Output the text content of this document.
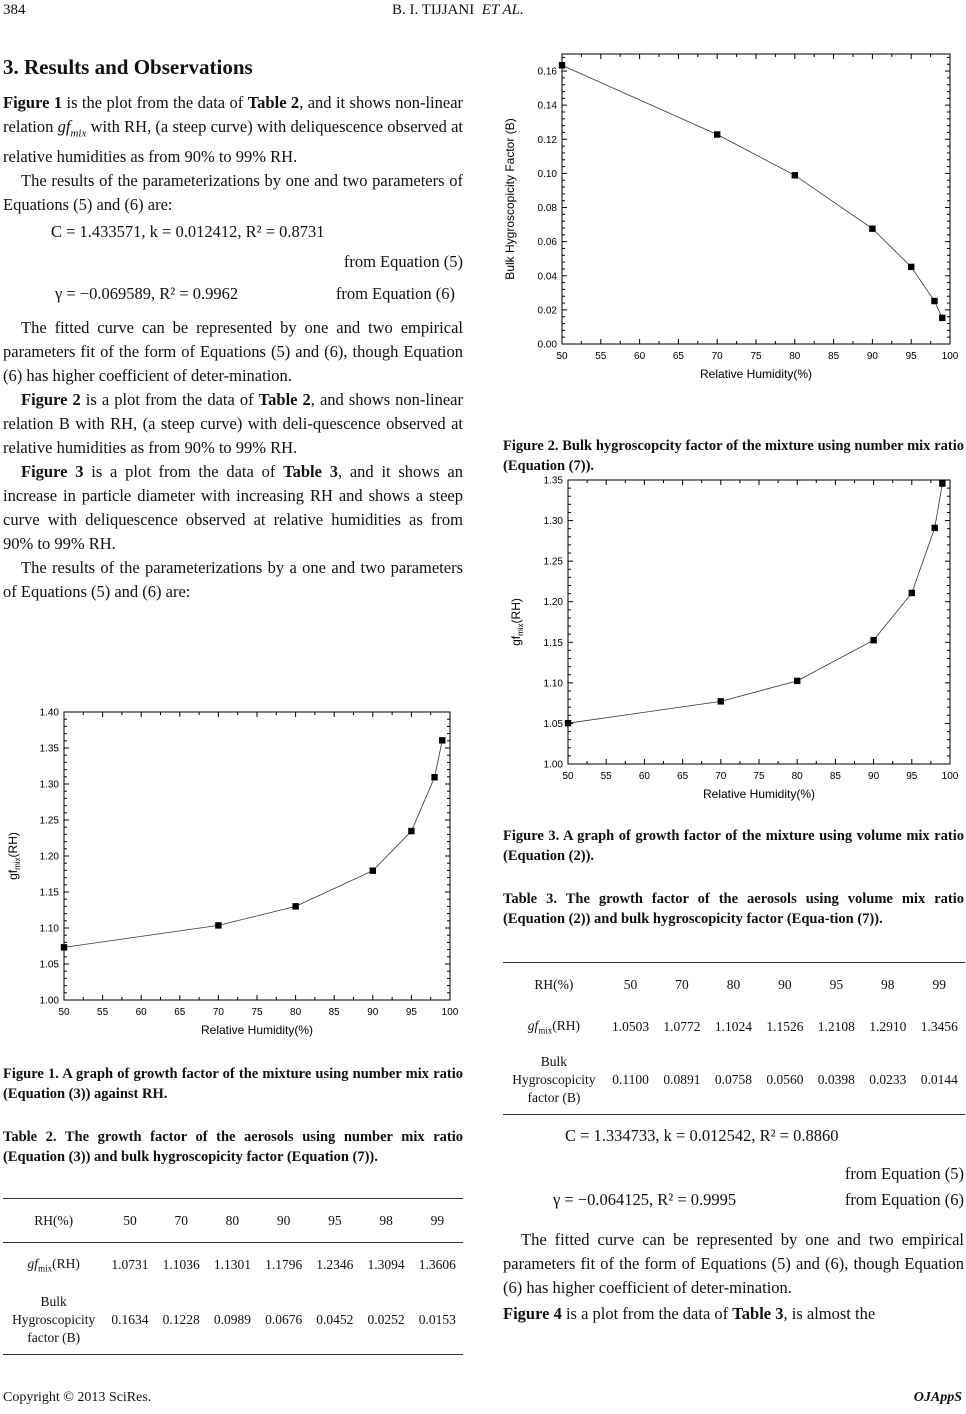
384	B. I. TIJJANI ET AL.
3. Results and Observations

Figure 1 is the plot from the data of Table 2, and it shows non-linear relation $gf_{mix}$ with RH, (a steep curve) with deliquescence observed at relative humidities as from 90% to 99% RH.

The results of the parameterizations by one and two parameters of Equations (5) and (6) are:

C = 1.433571, k = 0.012412, R² = 0.8731
from Equation (5)
γ = −0.069589, R² = 0.9962	from Equation (6)

The fitted curve can be represented by one and two empirical parameters fit of the form of Equations (5) and (6), though Equation (6) has higher coefficient of deter-mination.

Figure 2 is a plot from the data of Table 2, and shows non-linear relation B with RH, (a steep curve) with deli-quescence observed at relative humidities as from 90% to 99% RH.

Figure 3 is a plot from the data of Table 3, and it shows an increase in particle diameter with increasing RH and shows a steep curve with deliquescence observed at relative humidities as from 90% to 99% RH.

The results of the parameterizations by a one and two parameters of Equations (5) and (6) are:

50	55	60	65	70	75	80	85	90	95 100
1.00
1.05
1.10
1.15
1.20
1.25
1.30
1.35
1.40
Relative Humidity(%)
$gf_{mix}(RH)$
Figure 1. A graph of growth factor of the mixture using number mix ratio (Equation (3)) against RH.
Table 2. The growth factor of the aerosols using number mix ratio (Equation (3)) and bulk hygroscopicity factor (Equation (7)).
RH(%)	50	70	80	90	95	98	99
$gf_{mix}(RH)$	1.0731	1.1036	1.1301	1.1796	1.2346	1.3094	1.3606
Bulk
Hygroscopicity
factor (B)	0.1634	0.1228	0.0989	0.0676	0.0452	0.0252	0.0153
50	55	60	65	70	75	80	85	90	95 100
0.00
0.02
0.04
0.06
0.08
0.10
0.12
0.14
0.16
Relative Humidity(%)
Bulk Hygroscopicity Factor (B)
Figure 2. Bulk hygroscopcity factor of the mixture using number mix ratio (Equation (7)).
50	55	60	65	70	75	80	85	90	95 100
1.00
1.05
1.10
1.15
1.20
1.25
1.30
1.35
Relative Humidity(%)
$gf_{mix}(RH)$
Figure 3. A graph of growth factor of the mixture using volume mix ratio (Equation (2)).
Table 3. The growth factor of the aerosols using volume mix ratio (Equation (2)) and bulk hygroscopicity factor (Equa-tion (7)).
RH(%)	50	70	80	90	95	98	99
$gf_{mix}(RH)$	1.0503	1.0772	1.1024	1.1526	1.2108	1.2910	1.3456
Bulk
Hygroscopicity
factor (B)	0.1100	0.0891	0.0758	0.0560	0.0398	0.0233	0.0144
C = 1.334733, k = 0.012542, R² = 0.8860
from Equation (5)
γ = −0.064125, R² = 0.9995	from Equation (6)

The fitted curve can be represented by one and two empirical parameters fit of the form of Equations (5) and (6), though Equation (6) has higher coefficient of deter-mination.

Figure 4 is a plot from the data of Table 3, is almost the

Copyright © 2013 SciRes.	OJAppS
